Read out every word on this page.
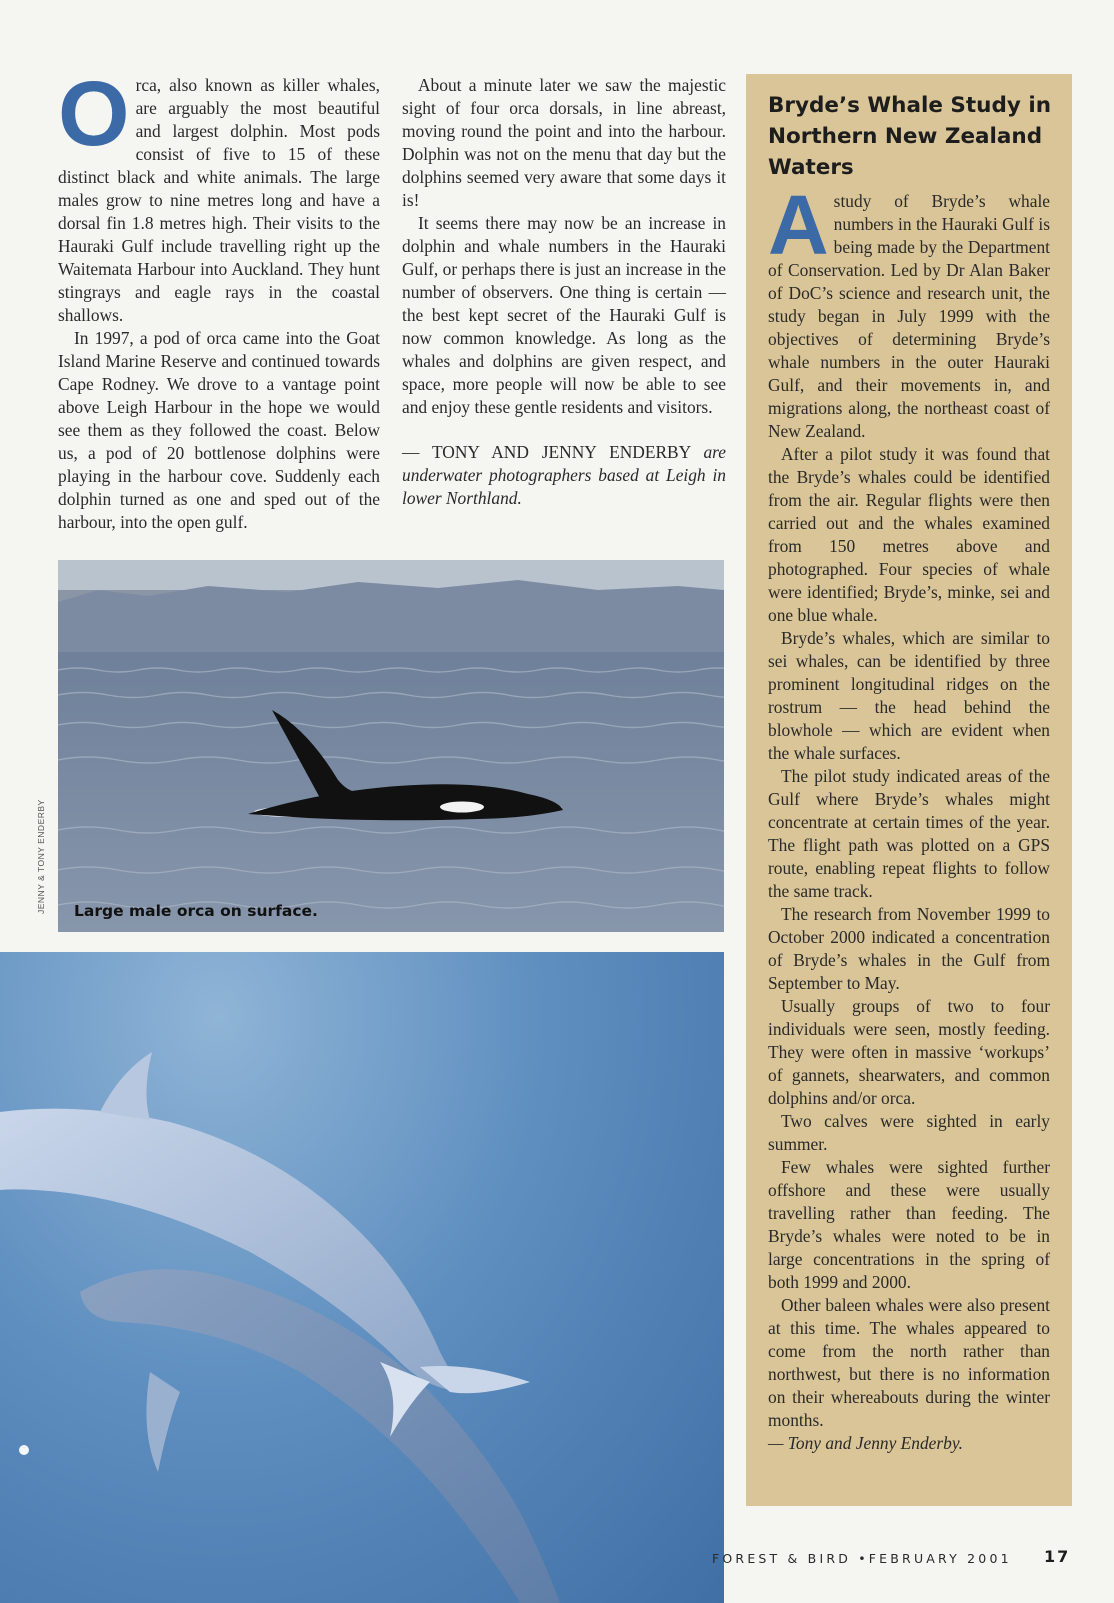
Orca, also known as killer whales, are arguably the most beautiful and largest dolphin. Most pods consist of five to 15 of these distinct black and white animals. The large males grow to nine metres long and have a dorsal fin 1.8 metres high. Their visits to the Hauraki Gulf include travelling right up the Waitemata Harbour into Auckland. They hunt stingrays and eagle rays in the coastal shallows.

In 1997, a pod of orca came into the Goat Island Marine Reserve and continued towards Cape Rodney. We drove to a vantage point above Leigh Harbour in the hope we would see them as they followed the coast. Below us, a pod of 20 bottlenose dolphins were playing in the harbour cove. Suddenly each dolphin turned as one and sped out of the harbour, into the open gulf.

About a minute later we saw the majestic sight of four orca dorsals, in line abreast, moving round the point and into the harbour. Dolphin was not on the menu that day but the dolphins seemed very aware that some days it is!

It seems there may now be an increase in dolphin and whale numbers in the Hauraki Gulf, or perhaps there is just an increase in the number of observers. One thing is certain — the best kept secret of the Hauraki Gulf is now common knowledge. As long as the whales and dolphins are given respect, and space, more people will now be able to see and enjoy these gentle residents and visitors.

— TONY AND JENNY ENDERBY are underwater photographers based at Leigh in lower Northland.

Large male orca on surface.
JENNY & TONY ENDERBY
Bryde’s Whale Study in Northern New Zealand Waters

Astudy of Bryde’s whale numbers in the Hauraki Gulf is being made by the Department of Conservation. Led by Dr Alan Baker of DoC’s science and research unit, the study began in July 1999 with the objectives of determining Bryde’s whale numbers in the outer Hauraki Gulf, and their movements in, and migrations along, the northeast coast of New Zealand.

After a pilot study it was found that the Bryde’s whales could be identified from the air. Regular flights were then carried out and the whales examined from 150 metres above and photographed. Four species of whale were identified; Bryde’s, minke, sei and one blue whale.

Bryde’s whales, which are similar to sei whales, can be identified by three prominent longitudinal ridges on the rostrum — the head behind the blowhole — which are evident when the whale surfaces.

The pilot study indicated areas of the Gulf where Bryde’s whales might concentrate at certain times of the year. The flight path was plotted on a GPS route, enabling repeat flights to follow the same track.

The research from November 1999 to October 2000 indicated a concentration of Bryde’s whales in the Gulf from September to May.

Usually groups of two to four individuals were seen, mostly feeding. They were often in massive ‘workups’ of gannets, shearwaters, and common dolphins and/or orca.

Two calves were sighted in early summer.

Few whales were sighted further offshore and these were usually travelling rather than feeding. The Bryde’s whales were noted to be in large concentrations in the spring of both 1999 and 2000.

Other baleen whales were also present at this time. The whales appeared to come from the north rather than northwest, but there is no information on their whereabouts during the winter months.

— Tony and Jenny Enderby.

FOREST & BIRD •FEBRUARY 2001 17
